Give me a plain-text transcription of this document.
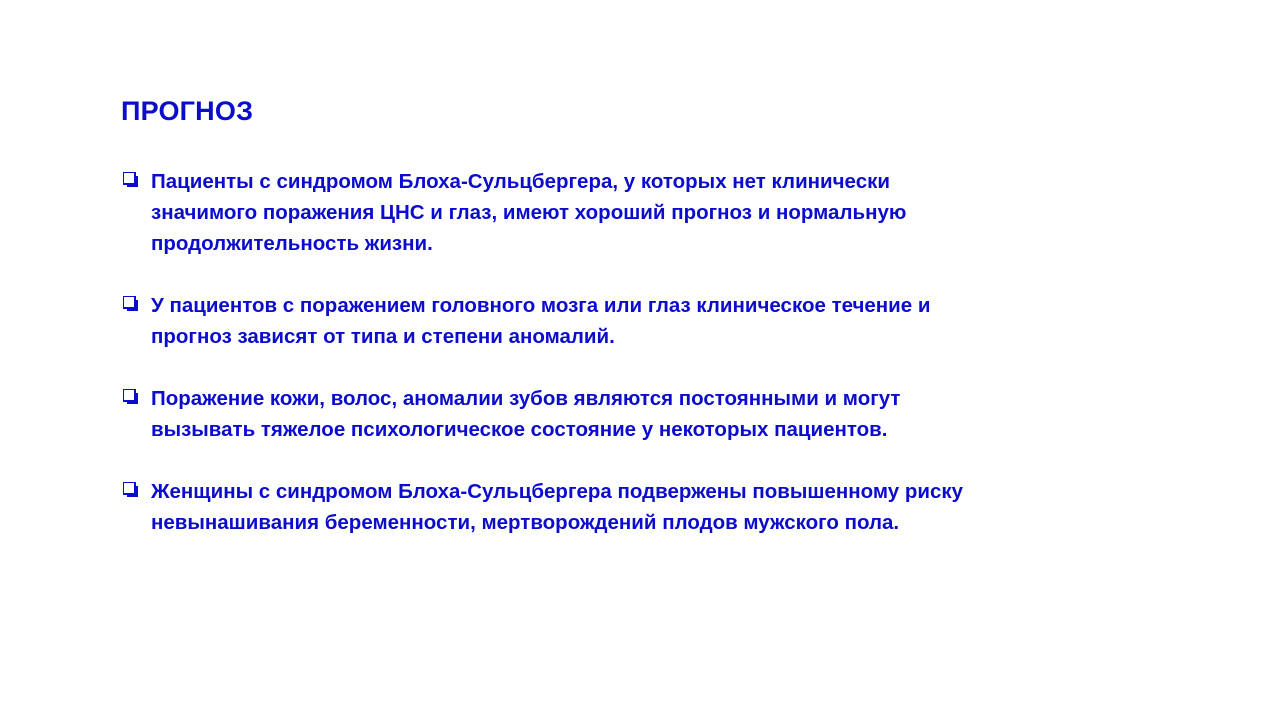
ПРОГНОЗ
Пациенты с синдромом Блоха-Сульцбергера, у которых нет клинически значимого поражения ЦНС и глаз, имеют хороший прогноз и нормальную продолжительность жизни.
У пациентов с поражением головного мозга или глаз клиническое течение и прогноз зависят от типа и степени аномалий.
Поражение кожи, волос, аномалии зубов являются постоянными и могут вызывать тяжелое психологическое состояние у некоторых пациентов.
Женщины с синдромом Блоха-Сульцбергера подвержены повышенному риску невынашивания беременности, мертворождений плодов мужского пола.
